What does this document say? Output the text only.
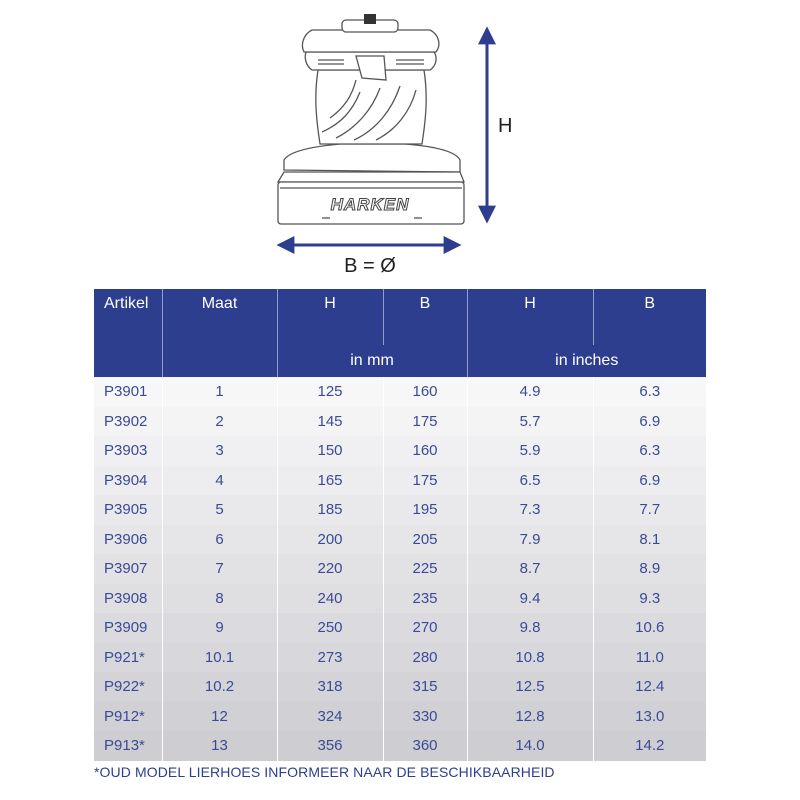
HARKEN
H
B = Ø
Artikel	Maat	H	B	H	B
		in mm		in inches	
P3901	1	125	160	4.9	6.3
P3902	2	145	175	5.7	6.9
P3903	3	150	160	5.9	6.3
P3904	4	165	175	6.5	6.9
P3905	5	185	195	7.3	7.7
P3906	6	200	205	7.9	8.1
P3907	7	220	225	8.7	8.9
P3908	8	240	235	9.4	9.3
P3909	9	250	270	9.8	10.6
P921*	10.1	273	280	10.8	11.0
P922*	10.2	318	315	12.5	12.4
P912*	12	324	330	12.8	13.0
P913*	13	356	360	14.0	14.2
*OUD MODEL LIERHOES INFORMEER NAAR DE BESCHIKBAARHEID
